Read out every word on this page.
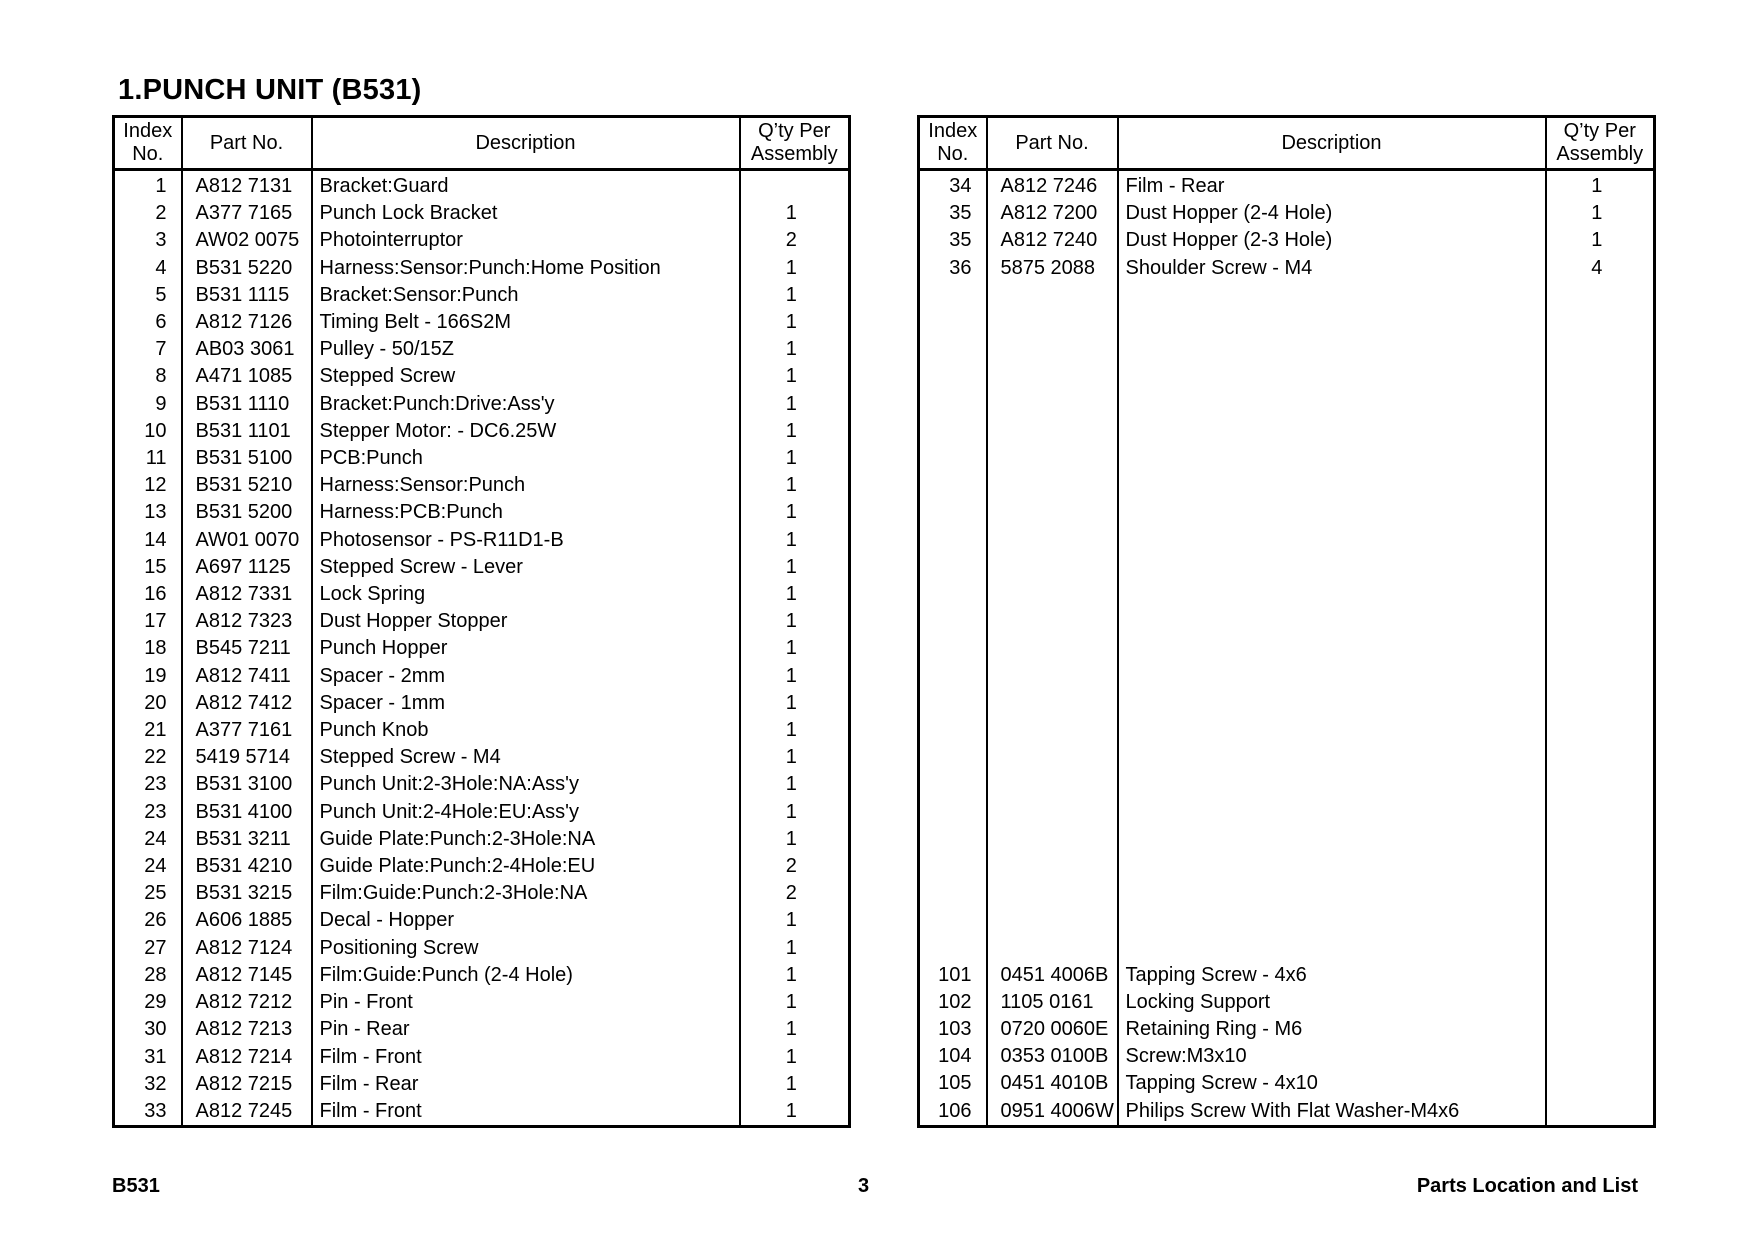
1.PUNCH UNIT (B531)
Index
No.	Part No.	Description	Q’ty Per
Assembly
1	A812 7131	Bracket:Guard	
2	A377 7165	Punch Lock Bracket	1
3	AW02 0075	Photointerruptor	2
4	B531 5220	Harness:Sensor:Punch:Home Position	1
5	B531 1115	Bracket:Sensor:Punch	1
6	A812 7126	Timing Belt - 166S2M	1
7	AB03 3061	Pulley - 50/15Z	1
8	A471 1085	Stepped Screw	1
9	B531 1110	Bracket:Punch:Drive:Ass'y	1
10	B531 1101	Stepper Motor: - DC6.25W	1
11	B531 5100	PCB:Punch	1
12	B531 5210	Harness:Sensor:Punch	1
13	B531 5200	Harness:PCB:Punch	1
14	AW01 0070	Photosensor - PS-R11D1-B	1
15	A697 1125	Stepped Screw - Lever	1
16	A812 7331	Lock Spring	1
17	A812 7323	Dust Hopper Stopper	1
18	B545 7211	Punch Hopper	1
19	A812 7411	Spacer - 2mm	1
20	A812 7412	Spacer - 1mm	1
21	A377 7161	Punch Knob	1
22	5419 5714	Stepped Screw - M4	1
23	B531 3100	Punch Unit:2-3Hole:NA:Ass'y	1
23	B531 4100	Punch Unit:2-4Hole:EU:Ass'y	1
24	B531 3211	Guide Plate:Punch:2-3Hole:NA	1
24	B531 4210	Guide Plate:Punch:2-4Hole:EU	2
25	B531 3215	Film:Guide:Punch:2-3Hole:NA	2
26	A606 1885	Decal - Hopper	1
27	A812 7124	Positioning Screw	1
28	A812 7145	Film:Guide:Punch (2-4 Hole)	1
29	A812 7212	Pin - Front	1
30	A812 7213	Pin - Rear	1
31	A812 7214	Film - Front	1
32	A812 7215	Film - Rear	1
33	A812 7245	Film - Front	1
Index
No.	Part No.	Description	Q’ty Per
Assembly
34	A812 7246	Film - Rear	1
35	A812 7200	Dust Hopper (2-4 Hole)	1
35	A812 7240	Dust Hopper (2-3 Hole)	1
36	5875 2088	Shoulder Screw - M4	4

101	0451 4006B	Tapping Screw - 4x6	
102	1105 0161	Locking Support	
103	0720 0060E	Retaining Ring - M6	
104	0353 0100B	Screw:M3x10	
105	0451 4010B	Tapping Screw - 4x10	
106	0951 4006W	Philips Screw With Flat Washer-M4x6	
B531	3	Parts Location and List
